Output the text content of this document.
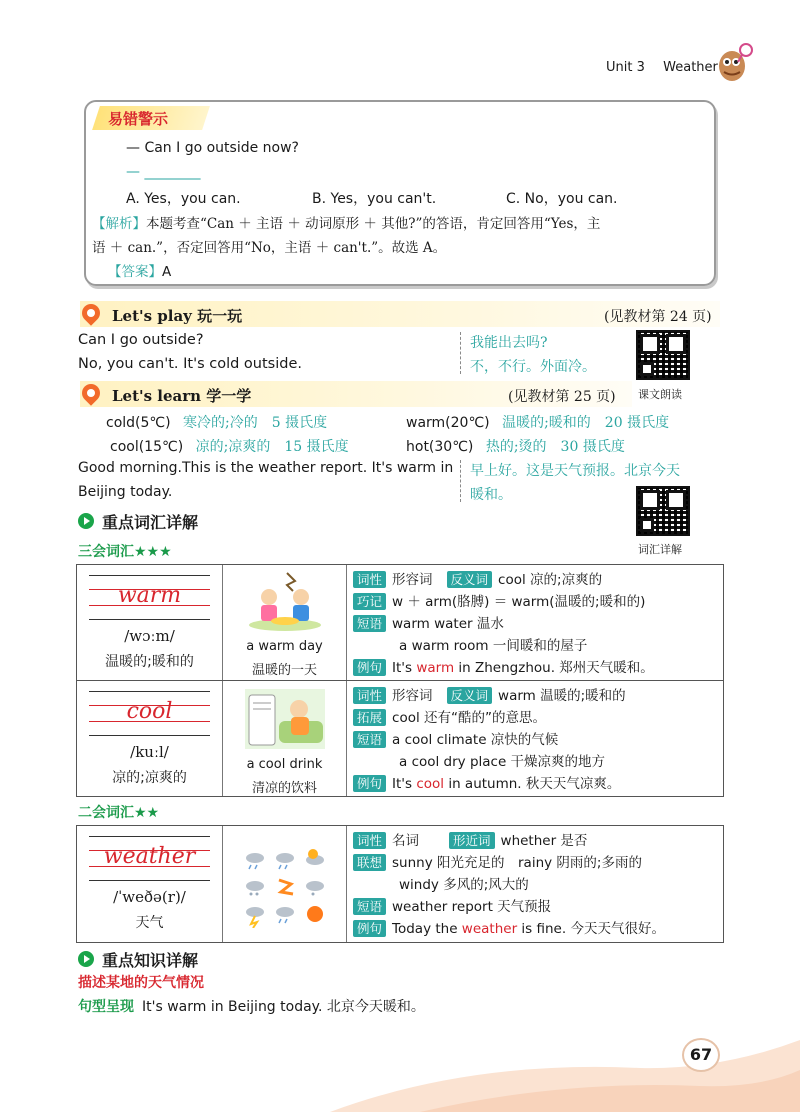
Unit 3 Weather
易错警示
— Can I go outside now?
— ________
A. Yes，you can.	B. Yes，you can't.	C. No，you can.
【解析】本题考查“Can ＋ 主语 ＋ 动词原形 ＋ 其他?”的答语，肯定回答用“Yes，主
语 ＋ can.”，否定回答用“No，主语 ＋ can't.”。故选 A。
【答案】A
Let's play 玩一玩	(见教材第 24 页)
Can I go outside?
No, you can't. It's cold outside.
我能出去吗?
不，不行。外面冷。
课文朗读
Let's learn 学一学	(见教材第 25 页)
cold(5℃) 寒冷的;冷的　5 摄氏度	warm(20℃) 温暖的;暖和的　20 摄氏度
cool(15℃) 凉的;凉爽的　15 摄氏度	hot(30℃) 热的;烫的　30 摄氏度
Good morning.This is the weather report. It's warm in
Beijing today.
早上好。这是天气预报。北京今天
暖和。
词汇详解
重点词汇详解
三会词汇★★★
warm
/wɔːm/
温暖的;暖和的
a warm day
温暖的一天
词性 形容词 反义词 cool 凉的;凉爽的
巧记 w ＋ arm(胳膊) ＝ warm(温暖的;暖和的)
短语 warm water 温水
a warm room 一间暖和的屋子
例句 It's warm in Zhengzhou. 郑州天气暖和。
cool
/kuːl/
凉的;凉爽的
a cool drink
清凉的饮料
词性 形容词 反义词 warm 温暖的;暖和的
拓展 cool 还有“酷的”的意思。
短语 a cool climate 凉快的气候
a cool dry place 干燥凉爽的地方
例句 It's cool in autumn. 秋天天气凉爽。
二会词汇★★
weather
/ˈweðə(r)/
天气
词性 名词	形近词 whether 是否
联想 sunny 阳光充足的　rainy 阴雨的;多雨的
windy 多风的;风大的
短语 weather report 天气预报
例句 Today the weather is fine. 今天天气很好。
重点知识详解
描述某地的天气情况
句型呈现 It's warm in Beijing today. 北京今天暖和。
67
